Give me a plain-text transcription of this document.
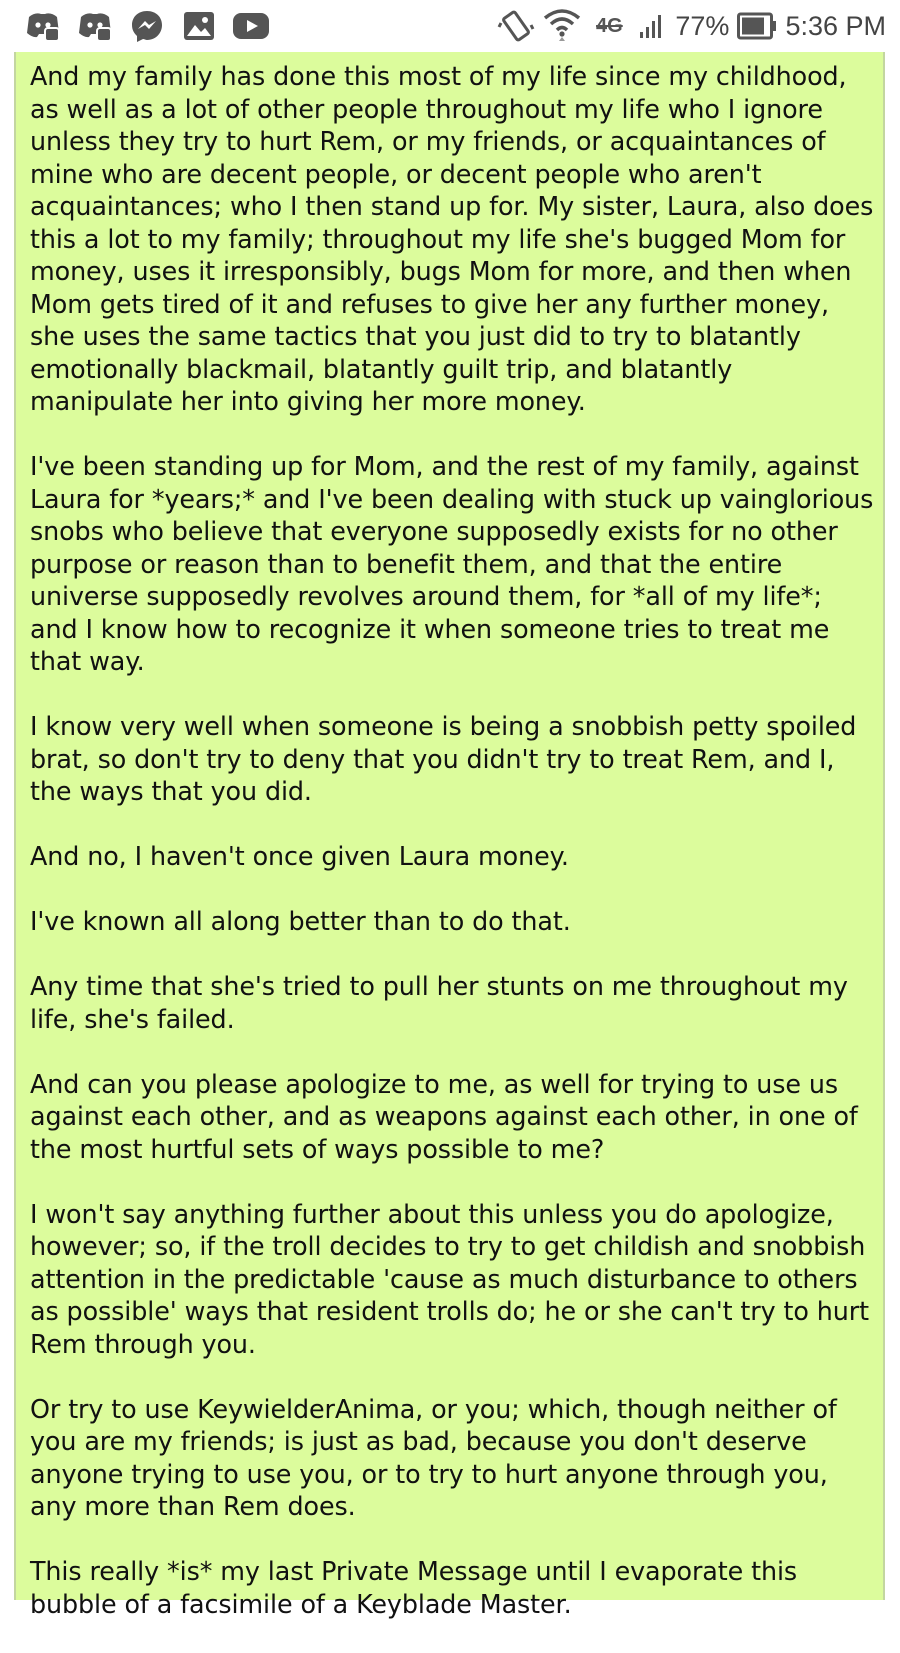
4G 77% 5:36 PM

And my family has done this most of my life since my childhood, as well as a lot of other people throughout my life who I ignore unless they try to hurt Rem, or my friends, or acquaintances of mine who are decent people, or decent people who aren't acquaintances; who I then stand up for. My sister, Laura, also does this a lot to my family; throughout my life she's bugged Mom for money, uses it irresponsibly, bugs Mom for more, and then when Mom gets tired of it and refuses to give her any further money, she uses the same tactics that you just did to try to blatantly emotionally blackmail, blatantly guilt trip, and blatantly manipulate her into giving her more money.

I've been standing up for Mom, and the rest of my family, against Laura for *years;* and I've been dealing with stuck up vainglorious snobs who believe that everyone supposedly exists for no other purpose or reason than to benefit them, and that the entire universe supposedly revolves around them, for *all of my life*; and I know how to recognize it when someone tries to treat me that way.

I know very well when someone is being a snobbish petty spoiled brat, so don't try to deny that you didn't try to treat Rem, and I, the ways that you did.

And no, I haven't once given Laura money.

I've known all along better than to do that.

Any time that she's tried to pull her stunts on me throughout my life, she's failed.

And can you please apologize to me, as well for trying to use us against each other, and as weapons against each other, in one of the most hurtful sets of ways possible to me?

I won't say anything further about this unless you do apologize, however; so, if the troll decides to try to get childish and snobbish attention in the predictable 'cause as much disturbance to others as possible' ways that resident trolls do; he or she can't try to hurt Rem through you.

Or try to use KeywielderAnima, or you; which, though neither of you are my friends; is just as bad, because you don't deserve anyone trying to use you, or to try to hurt anyone through you, any more than Rem does.

This really *is* my last Private Message until I evaporate this bubble of a facsimile of a Keyblade Master.
